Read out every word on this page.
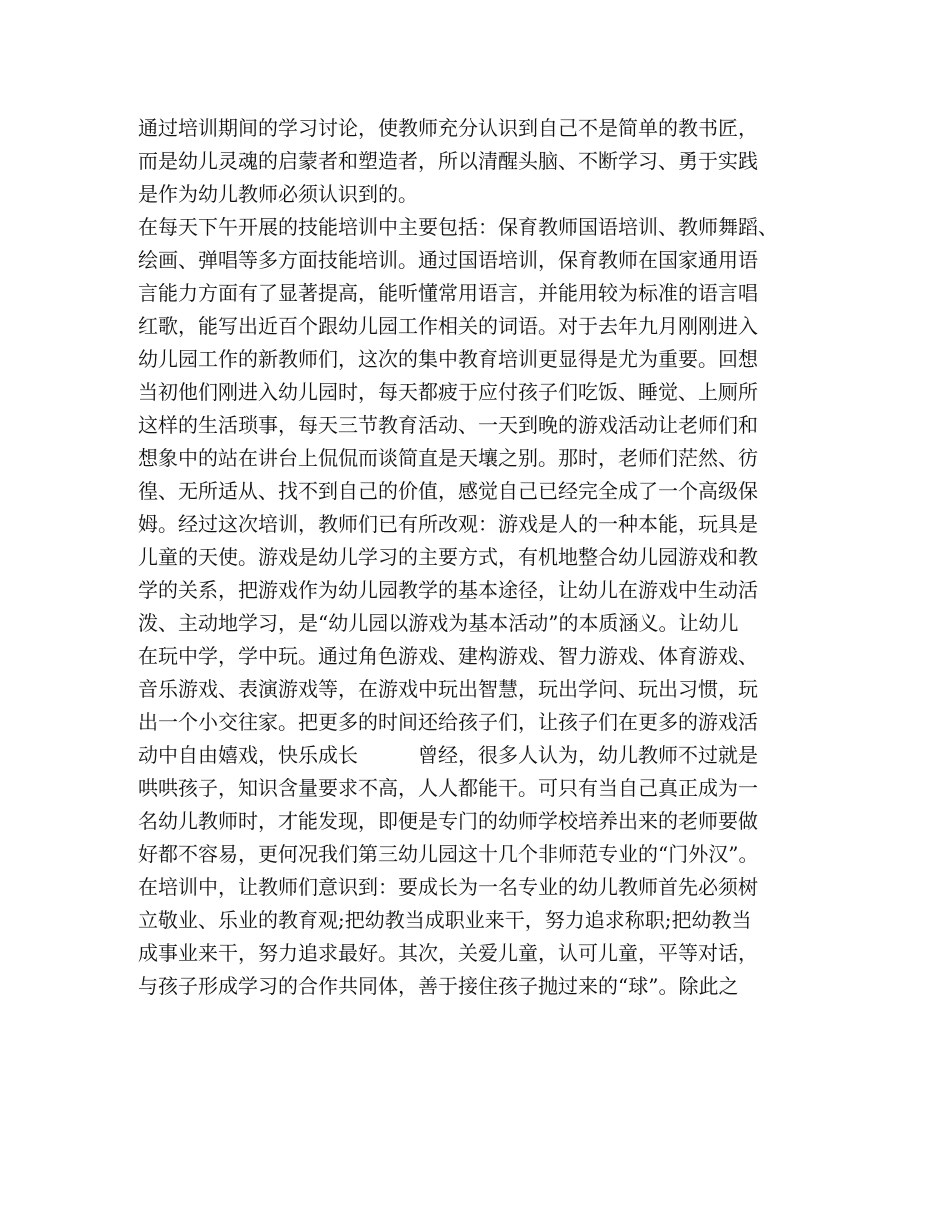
通过培训期间的学习讨论，使教师充分认识到自己不是简单的教书匠，
而是幼儿灵魂的启蒙者和塑造者，所以清醒头脑、不断学习、勇于实践
是作为幼儿教师必须认识到的。
在每天下午开展的技能培训中主要包括：保育教师国语培训、教师舞蹈、
绘画、弹唱等多方面技能培训。通过国语培训，保育教师在国家通用语
言能力方面有了显著提高，能听懂常用语言，并能用较为标准的语言唱
红歌，能写出近百个跟幼儿园工作相关的词语。对于去年九月刚刚进入
幼儿园工作的新教师们，这次的集中教育培训更显得是尤为重要。回想
当初他们刚进入幼儿园时，每天都疲于应付孩子们吃饭、睡觉、上厕所
这样的生活琐事，每天三节教育活动、一天到晚的游戏活动让老师们和
想象中的站在讲台上侃侃而谈简直是天壤之别。那时，老师们茫然、彷
徨、无所适从、找不到自己的价值，感觉自己已经完全成了一个高级保
姆。经过这次培训，教师们已有所改观：游戏是人的一种本能，玩具是
儿童的天使。游戏是幼儿学习的主要方式，有机地整合幼儿园游戏和教
学的关系，把游戏作为幼儿园教学的基本途径，让幼儿在游戏中生动活
泼、主动地学习，是“幼儿园以游戏为基本活动”的本质涵义。让幼儿
在玩中学，学中玩。通过角色游戏、建构游戏、智力游戏、体育游戏、
音乐游戏、表演游戏等，在游戏中玩出智慧，玩出学问、玩出习惯，玩
出一个小交往家。把更多的时间还给孩子们，让孩子们在更多的游戏活
动中自由嬉戏，快乐成长　　　曾经，很多人认为，幼儿教师不过就是
哄哄孩子，知识含量要求不高，人人都能干。可只有当自己真正成为一
名幼儿教师时，才能发现，即便是专门的幼师学校培养出来的老师要做
好都不容易，更何况我们第三幼儿园这十几个非师范专业的“门外汉”。
在培训中，让教师们意识到：要成长为一名专业的幼儿教师首先必须树
立敬业、乐业的教育观;把幼教当成职业来干，努力追求称职;把幼教当
成事业来干，努力追求最好。其次，关爱儿童，认可儿童，平等对话，
与孩子形成学习的合作共同体，善于接住孩子抛过来的“球”。除此之
